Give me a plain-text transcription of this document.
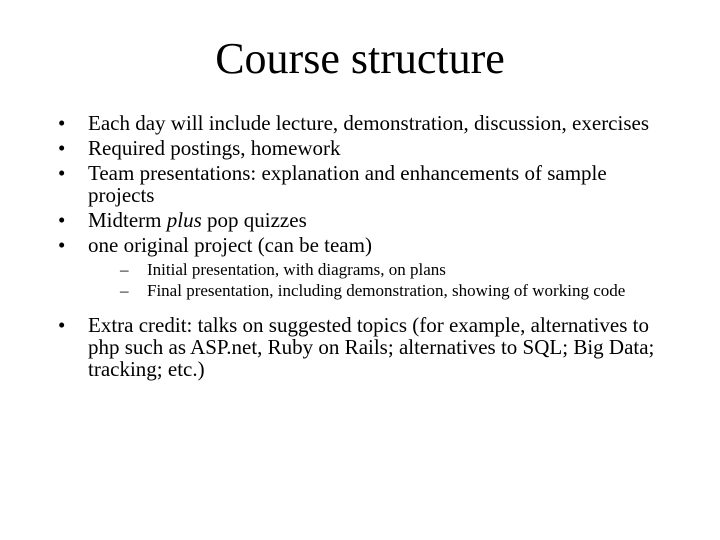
Course structure
• Each day will include lecture, demonstration, discussion, exercises
• Required postings, homework
• Team presentations: explanation and enhancements of sample projects
• Midterm plus pop quizzes
• one original project (can be team)
– Initial presentation, with diagrams, on plans
– Final presentation, including demonstration, showing of working code
• Extra credit: talks on suggested topics (for example, alternatives to php such as ASP.net, Ruby on Rails; alternatives to SQL; Big Data; tracking; etc.)
